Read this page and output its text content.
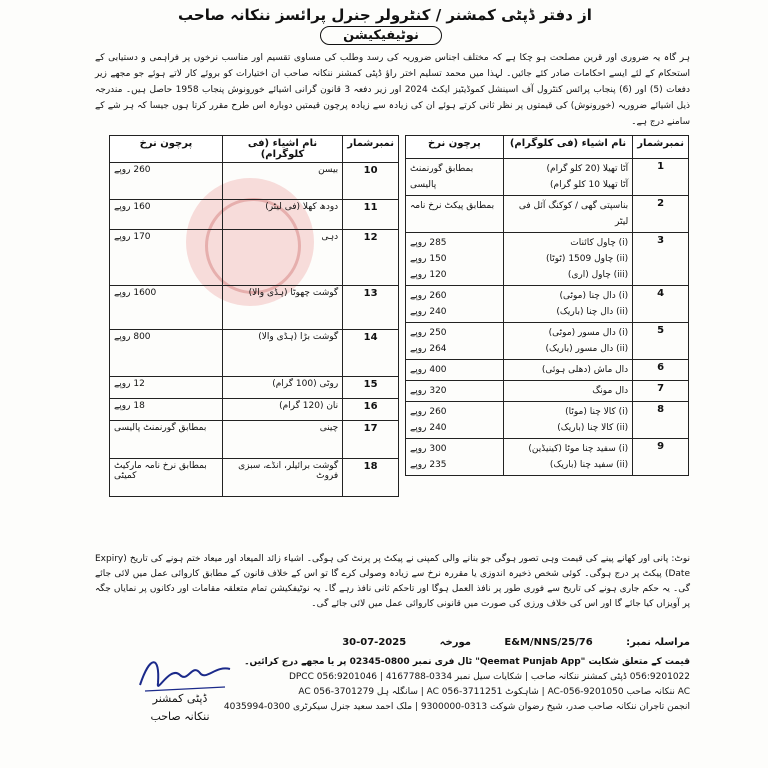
از دفتر ڈپٹی کمشنر / کنٹرولر جنرل پرائسز ننکانہ صاحب
نوٹیفیکیشن
ہر گاہ یہ ضروری اور قرین مصلحت ہو چکا ہے کہ مختلف اجناس ضروریہ کی رسد وطلب کی مساوی تقسیم اور مناسب نرخوں پر فراہمی و دستیابی کے استحکام کے لئے ایسے احکامات صادر کئے جائیں۔ لہذا میں محمد تسلیم اختر راؤ ڈپٹی کمشنر ننکانہ صاحب ان اختیارات کو بروئے کار لاتے ہوئے جو مجھے زیر دفعات (5) اور (6) پنجاب پرائس کنٹرول آف اسینشل کموڈیٹیز ایکٹ 2024 اور زیر دفعہ 3 قانون گرانی اشیائے خورونوش پنجاب 1958 حاصل ہیں۔ مندرجہ ذیل اشیائے ضروریہ (خورونوش) کی قیمتوں پر نظر ثانی کرتے ہوئے ان کی زیادہ سے زیادہ پرچون قیمتیں دوبارہ اس طرح مقرر کرتا ہوں جیسا کہ ہر شے کے سامنے درج ہے۔
نمبرشمار	نام اشیاء (فی کلوگرام)	پرچون نرخ
1	آٹا تھیلا (20 کلو گرام)
آٹا تھیلا 10 کلو گرام)	بمطابق گورنمنٹ پالیسی

2	بناسپتی گھی / کوکنگ آئل فی لیٹر	بمطابق پیکٹ نرخ نامہ

3	(i) چاول کائنات
(ii) چاول 1509 (ٹوٹا)
(iii) چاول (اری)	285 روپے
150 روپے
120 روپے

4	(i) دال چنا (موٹی)
(ii) دال چنا (باریک)	260 روپے
240 روپے

5	(i) دال مسور (موٹی)
(ii) دال مسور (باریک)	250 روپے
264 روپے

6	دال ماش (دھلی ہوئی)	400 روپے

7	دال مونگ	320 روپے

8	(i) کالا چنا (موٹا)
(ii) کالا چنا (باریک)	260 روپے
240 روپے

9	(i) سفید چنا موٹا (کینیڈین)
(ii) سفید چنا (باریک)	300 روپے
235 روپے
نمبرشمار	نام اشیاء (فی کلوگرام)	پرچون نرخ
10	بیسن	260 روپے
11	دودھ کھلا (فی لیٹر)	160 روپے
12	دہی	170 روپے
13	گوشت چھوٹا (ہڈی والا)	1600 روپے
14	گوشت بڑا (ہڈی والا)	800 روپے
15	روٹی (100 گرام)	12 روپے
16	نان (120 گرام)	18 روپے
17	چینی	بمطابق گورنمنٹ پالیسی
18	گوشت برائیلر، انڈے، سبزی فروٹ	بمطابق نرخ نامہ مارکیٹ کمیٹی
نوٹ: پانی اور کھانے پینے کی قیمت وہی تصور ہوگی جو بنانے والی کمپنی نے پیکٹ پر پرنٹ کی ہوگی۔ اشیاء زائد المیعاد اور میعاد ختم ہونے کی تاریخ (Expiry Date) پیکٹ پر درج ہوگی۔ کوئی شخص ذخیرہ اندوزی یا مقررہ نرخ سے زیادہ وصولی کرے گا تو اس کے خلاف قانون کے مطابق کاروائی عمل میں لائی جائے گی۔ یہ حکم جاری ہونے کی تاریخ سے فوری طور پر نافذ العمل ہوگا اور تاحکم ثانی نافذ رہے گا۔ یہ نوٹیفکیشن تمام متعلقہ مقامات اور دکانوں پر نمایاں جگہ پر آویزاں کیا جائے گا اور اس کی خلاف ورزی کی صورت میں قانونی کاروائی عمل میں لائی جائے گی۔
مراسلہ نمبر: E&M/NNS/25/76 مورخہ 30-07-2025
قیمت کے متعلق شکایت "Qeemat Punjab App" ٹال فری نمبر 0800-02345 پر یا مجھے درج کرائیں۔
056:9201022 ڈپٹی کمشنر ننکانہ صاحب | شکایات سیل نمبر 0334-4167788 | DPCC 056:9201046
AC ننکانہ صاحب AC-056-9201050 | شاہکوٹ AC 056-3711251 | سانگلہ ہل AC 056-3701279
انجمن تاجران ننکانہ صاحب صدر، شیخ رضوان شوکت 0313-9300000 | ملک احمد سعید جنرل سیکرٹری 0300-4035994
ڈپٹی کمشنر
ننکانہ صاحب
